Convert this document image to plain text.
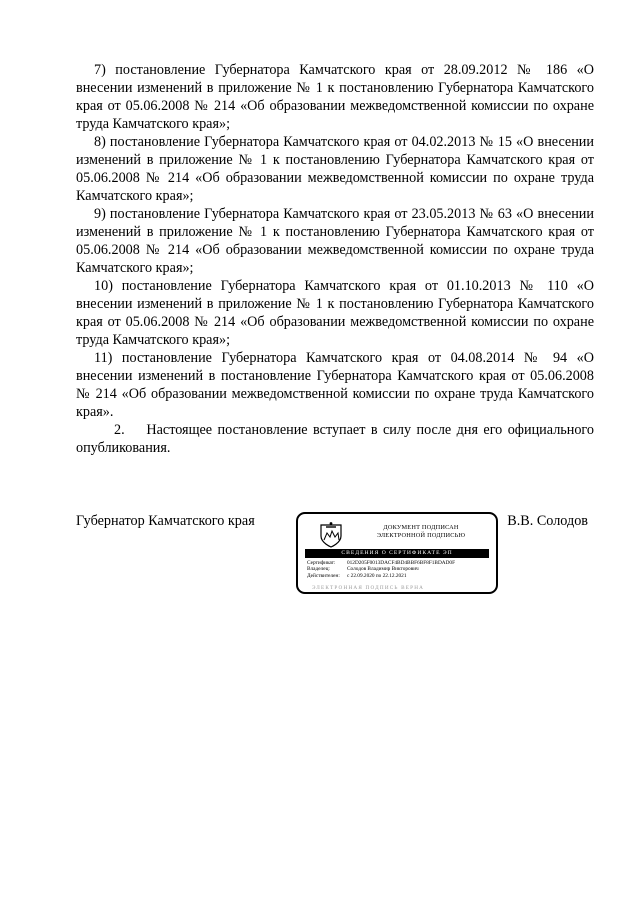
7) постановление Губернатора Камчатского края от 28.09.2012 № 186 «О внесении изменений в приложение № 1 к постановлению Губернатора Камчатского края от 05.06.2008 № 214 «Об образовании межведомственной комиссии по охране труда Камчатского края»;

8) постановление Губернатора Камчатского края от 04.02.2013 № 15 «О внесении изменений в приложение № 1 к постановлению Губернатора Камчатского края от 05.06.2008 № 214 «Об образовании межведомственной комиссии по охране труда Камчатского края»;

9) постановление Губернатора Камчатского края от 23.05.2013 № 63 «О внесении изменений в приложение № 1 к постановлению Губернатора Камчатского края от 05.06.2008 № 214 «Об образовании межведомственной комиссии по охране труда Камчатского края»;

10) постановление Губернатора Камчатского края от 01.10.2013 № 110 «О внесении изменений в приложение № 1 к постановлению Губернатора Камчатского края от 05.06.2008 № 214 «Об образовании межведомственной комиссии по охране труда Камчатского края»;

11) постановление Губернатора Камчатского края от 04.08.2014 № 94 «О внесении изменений в постановление Губернатора Камчатского края от 05.06.2008 № 214 «Об образовании межведомственной комиссии по охране труда Камчатского края».

2.    Настоящее постановление вступает в силу после дня его официального опубликования.

Губернатор Камчатского края	ДОКУМЕНТ ПОДПИСАН
ЭЛЕКТРОННОЙ ПОДПИСЬЮ
СВЕДЕНИЯ О СЕРТИФИКАТЕ ЭП
Сертификат:	012D205F0013DACF4BD4BBF6BF8F1BDAD0F
Владелец:	Солодов Владимир Викторович
Действителен:	с 22.09.2020 по 22.12.2021
ЭЛЕКТРОННАЯ ПОДПИСЬ ВЕРНА
В.В. Солодов
